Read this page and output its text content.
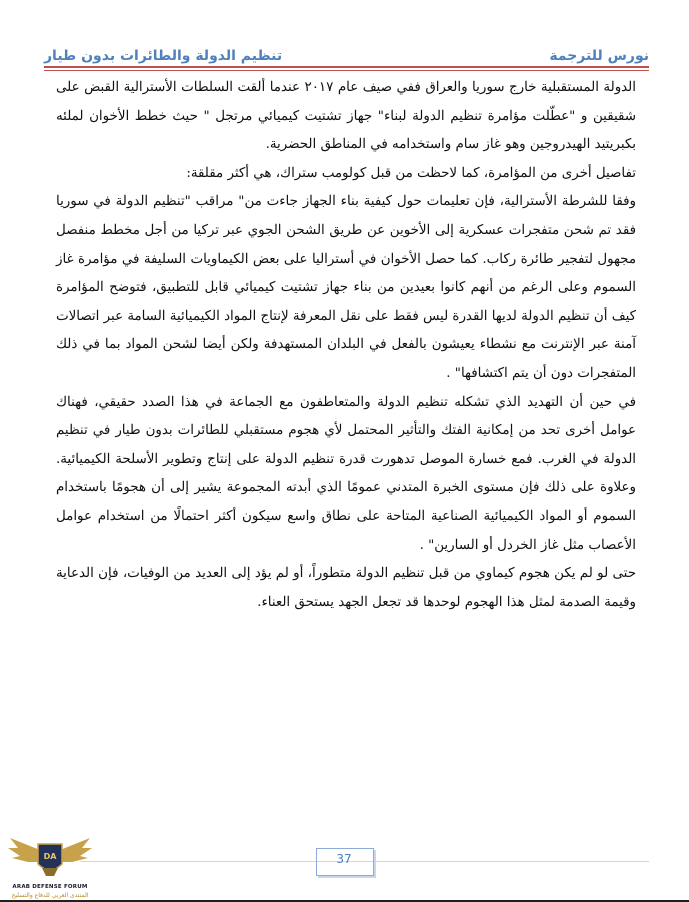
تنظيم الدولة والطائرات بدون طيار	نورس للترجمة

الدولة المستقبلية خارج سوريا والعراق ففي صيف عام ٢٠١٧ عندما ألقت السلطات الأسترالية القبض على شقيقين و "عطّلت مؤامرة تنظيم الدولة لبناء" جهاز تشتيت كيميائي مرتجل " حيث خطط الأخوان لملئه بكبريتيد الهيدروجين وهو غاز سام واستخدامه في المناطق الحضرية.

تفاصيل أخرى من المؤامرة، كما لاحظت من قبل كولومب ستراك، هي أكثر مقلقة:

وفقا للشرطة الأسترالية، فإن تعليمات حول كيفية بناء الجهاز جاءت من" مراقب "تنظيم الدولة في سوريا فقد تم شحن متفجرات عسكرية إلى الأخوين عن طريق الشحن الجوي عبر تركيا من أجل مخطط منفصل مجهول لتفجير طائرة ركاب. كما حصل الأخوان في أستراليا على بعض الكيماويات السليفة في مؤامرة غاز السموم وعلى الرغم من أنهم كانوا بعيدين من بناء جهاز تشتيت كيميائي قابل للتطبيق، فتوضح المؤامرة كيف أن تنظيم الدولة لديها القدرة ليس فقط على نقل المعرفة لإنتاج المواد الكيميائية السامة عبر اتصالات آمنة عبر الإنترنت مع نشطاء يعيشون بالفعل في البلدان المستهدفة ولكن أيضا لشحن المواد بما في ذلك المتفجرات دون أن يتم اكتشافها" .

في حين أن التهديد الذي تشكله تنظيم الدولة والمتعاطفون مع الجماعة في هذا الصدد حقيقي، فهناك عوامل أخرى تحد من إمكانية الفتك والتأثير المحتمل لأي هجوم مستقبلي للطائرات بدون طيار في تنظيم الدولة في الغرب. فمع خسارة الموصل تدهورت قدرة تنظيم الدولة على إنتاج وتطوير الأسلحة الكيميائية. وعلاوة على ذلك فإن مستوى الخبرة المتدني عمومًا الذي أبدته المجموعة يشير إلى أن هجومًا باستخدام السموم أو المواد الكيميائية الصناعية المتاحة على نطاق واسع سيكون أكثر احتمالًا من استخدام عوامل الأعصاب مثل غاز الخردل أو السارين" .

حتى لو لم يكن هجوم كيماوي من قبل تنظيم الدولة متطوراً، أو لم يؤد إلى العديد من الوفيات، فإن الدعاية وقيمة الصدمة لمثل هذا الهجوم لوحدها قد تجعل الجهد يستحق العناء.

37
DA
ARAB DEFENSE FORUM
المنتدى العربي للدفاع والتسليح
